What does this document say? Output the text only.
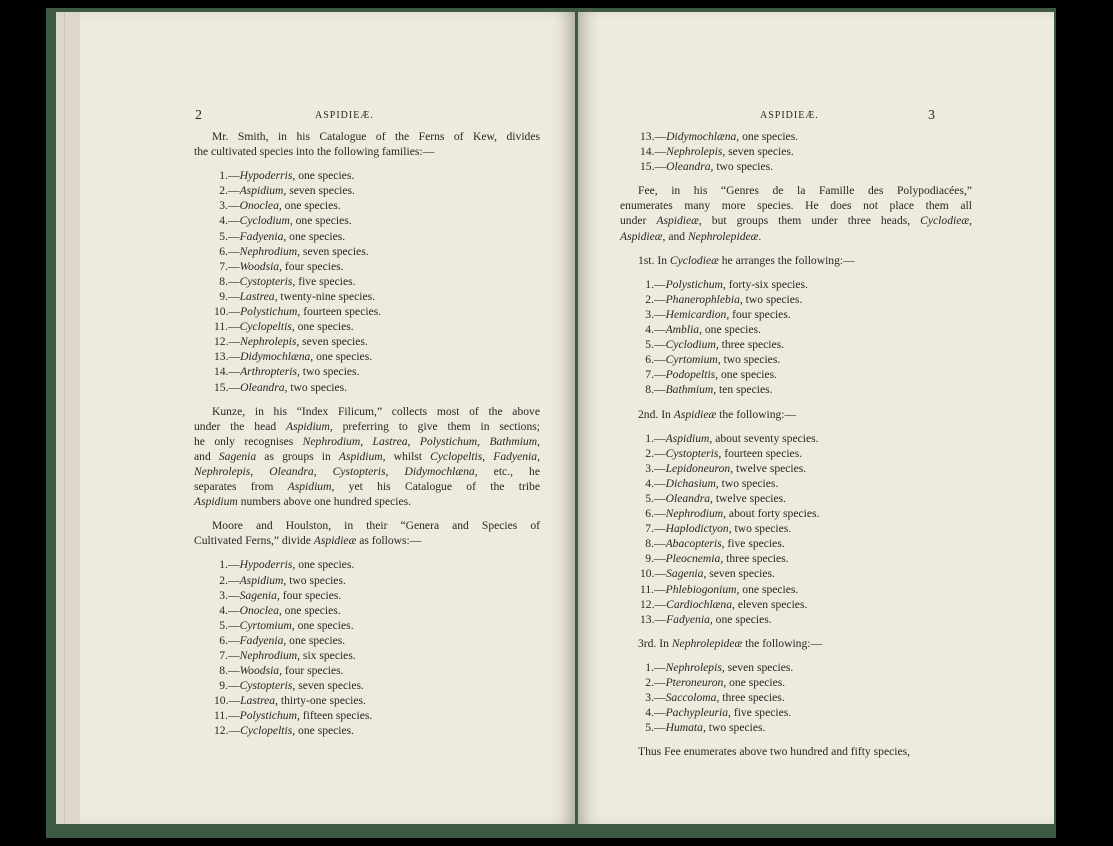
2	ASPIDIEÆ.
Mr. Smith, in his Catalogue of the Ferns of Kew, divides
the cultivated species into the following families:—
1.—Hypoderris, one species.
2.—Aspidium, seven species.
3.—Onoclea, one species.
4.—Cyclodium, one species.
5.—Fadyenia, one species.
6.—Nephrodium, seven species.
7.—Woodsia, four species.
8.—Cystopteris, five species.
9.—Lastrea, twenty-nine species.
10.—Polystichum, fourteen species.
11.—Cyclopeltis, one species.
12.—Nephrolepis, seven species.
13.—Didymochlæna, one species.
14.—Arthropteris, two species.
15.—Oleandra, two species.
Kunze, in his “Index Filicum,” collects most of the above
under the head Aspidium, preferring to give them in sections;
he only recognises Nephrodium, Lastrea, Polystichum, Bathmium,
and Sagenia as groups in Aspidium, whilst Cyclopeltis, Fadyenia,
Nephrolepis, Oleandra, Cystopteris, Didymochlæna, etc., he
separates from Aspidium, yet his Catalogue of the tribe
Aspidium numbers above one hundred species.
Moore and Houlston, in their “Genera and Species of
Cultivated Ferns,” divide Aspidieæ as follows:—
1.—Hypoderris, one species.
2.—Aspidium, two species.
3.—Sagenia, four species.
4.—Onoclea, one species.
5.—Cyrtomium, one species.
6.—Fadyenia, one species.
7.—Nephrodium, six species.
8.—Woodsia, four species.
9.—Cystopteris, seven species.
10.—Lastrea, thirty-one species.
11.—Polystichum, fifteen species.
12.—Cyclopeltis, one species.
ASPIDIEÆ.	3
13.—Didymochlæna, one species.
14.—Nephrolepis, seven species.
15.—Oleandra, two species.
Fee, in his “Genres de la Famille des Polypodiacées,”
enumerates many more species. He does not place them all
under Aspidieæ, but groups them under three heads, Cyclodieæ,
Aspidieæ, and Nephrolepideæ.
1st. In Cyclodieæ he arranges the following:—
1.—Polystichum, forty-six species.
2.—Phanerophlebia, two species.
3.—Hemicardion, four species.
4.—Amblia, one species.
5.—Cyclodium, three species.
6.—Cyrtomium, two species.
7.—Podopeltis, one species.
8.—Bathmium, ten species.
2nd. In Aspidieæ the following:—
1.—Aspidium, about seventy species.
2.—Cystopteris, fourteen species.
3.—Lepidoneuron, twelve species.
4.—Dichasium, two species.
5.—Oleandra, twelve species.
6.—Nephrodium, about forty species.
7.—Haplodictyon, two species.
8.—Abacopteris, five species.
9.—Pleocnemia, three species.
10.—Sagenia, seven species.
11.—Phlebiogonium, one species.
12.—Cardiochlæna, eleven species.
13.—Fadyenia, one species.
3rd. In Nephrolepideæ the following:—
1.—Nephrolepis, seven species.
2.—Pteroneuron, one species.
3.—Saccoloma, three species.
4.—Pachypleuria, five species.
5.—Humata, two species.
Thus Fee enumerates above two hundred and fifty species,
